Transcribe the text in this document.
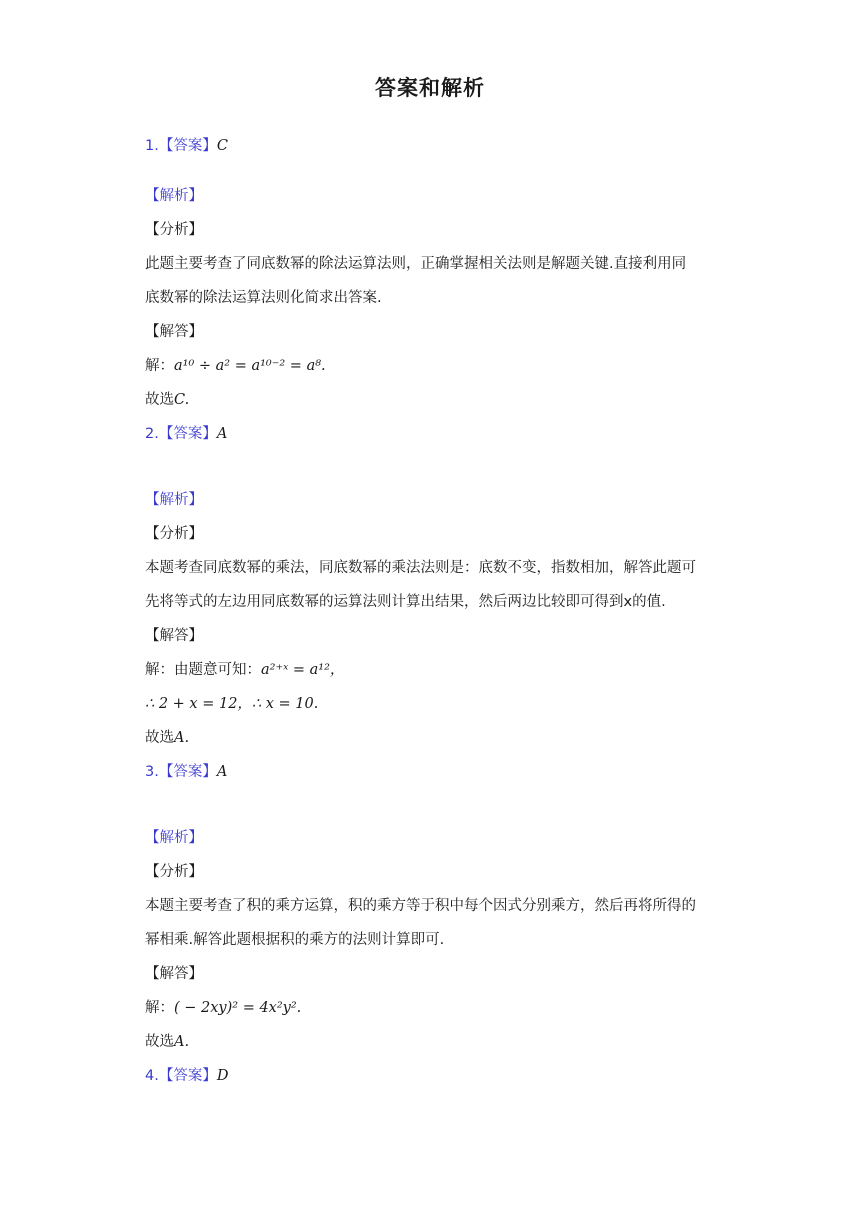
答案和解析
1.【答案】C
【解析】
【分析】
此题主要考查了同底数幂的除法运算法则，正确掌握相关法则是解题关键.直接利用同
底数幂的除法运算法则化简求出答案.
【解答】
解：a¹⁰ ÷ a² = a¹⁰⁻² = a⁸.
故选C.
2.【答案】A
【解析】
【分析】
本题考查同底数幂的乘法，同底数幂的乘法法则是：底数不变，指数相加，解答此题可
先将等式的左边用同底数幂的运算法则计算出结果，然后两边比较即可得到x的值.
【解答】
解：由题意可知：a²⁺ˣ = a¹²，
∴ 2 + x = 12，∴ x = 10.
故选A.
3.【答案】A
【解析】
【分析】
本题主要考查了积的乘方运算，积的乘方等于积中每个因式分别乘方，然后再将所得的
幂相乘.解答此题根据积的乘方的法则计算即可.
【解答】
解：( − 2xy)² = 4x²y².
故选A.
4.【答案】D
